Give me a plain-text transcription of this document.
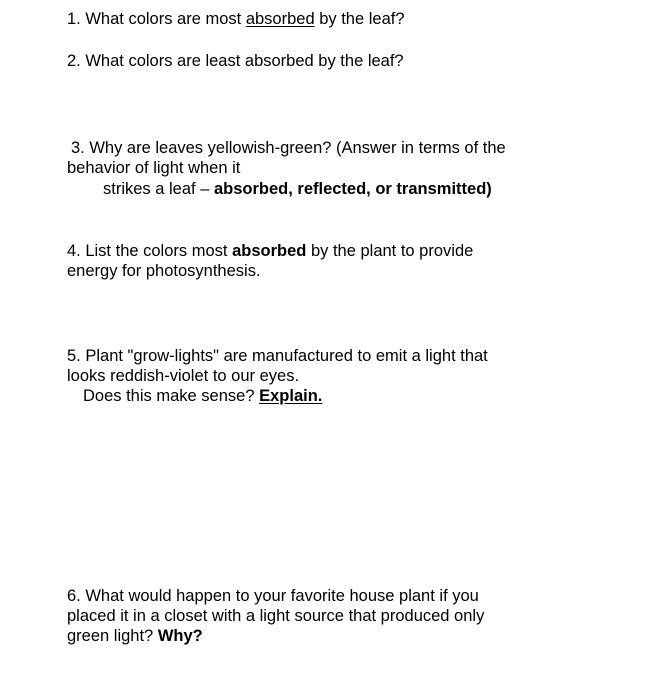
1. What colors are most absorbed by the leaf?
2. What colors are least absorbed by the leaf?
3. Why are leaves yellowish-green? (Answer in terms of the
behavior of light when it
strikes a leaf – absorbed, reflected, or transmitted)
4. List the colors most absorbed by the plant to provide
energy for photosynthesis.
5. Plant "grow-lights" are manufactured to emit a light that
looks reddish-violet to our eyes.
Does this make sense? Explain.
6. What would happen to your favorite house plant if you
placed it in a closet with a light source that produced only
green light? Why?
